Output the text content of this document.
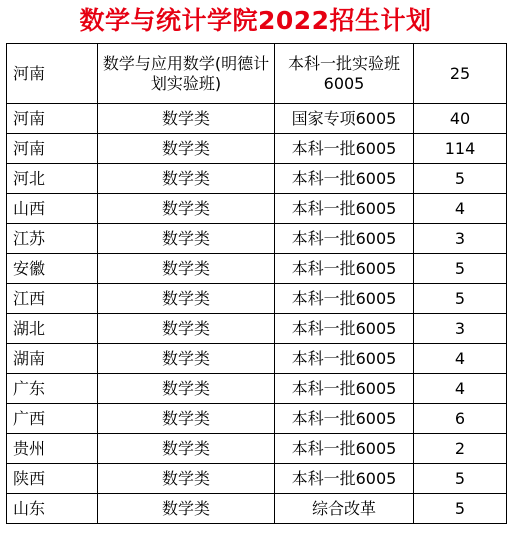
数学与统计学院2022招生计划
河南	数学与应用数学(明德计划实验班)	本科一批实验班6005	25
河南	数学类	国家专项6005	40
河南	数学类	本科一批6005	114
河北	数学类	本科一批6005	5
山西	数学类	本科一批6005	4
江苏	数学类	本科一批6005	3
安徽	数学类	本科一批6005	5
江西	数学类	本科一批6005	5
湖北	数学类	本科一批6005	3
湖南	数学类	本科一批6005	4
广东	数学类	本科一批6005	4
广西	数学类	本科一批6005	6
贵州	数学类	本科一批6005	2
陕西	数学类	本科一批6005	5
山东	数学类	综合改革	5
